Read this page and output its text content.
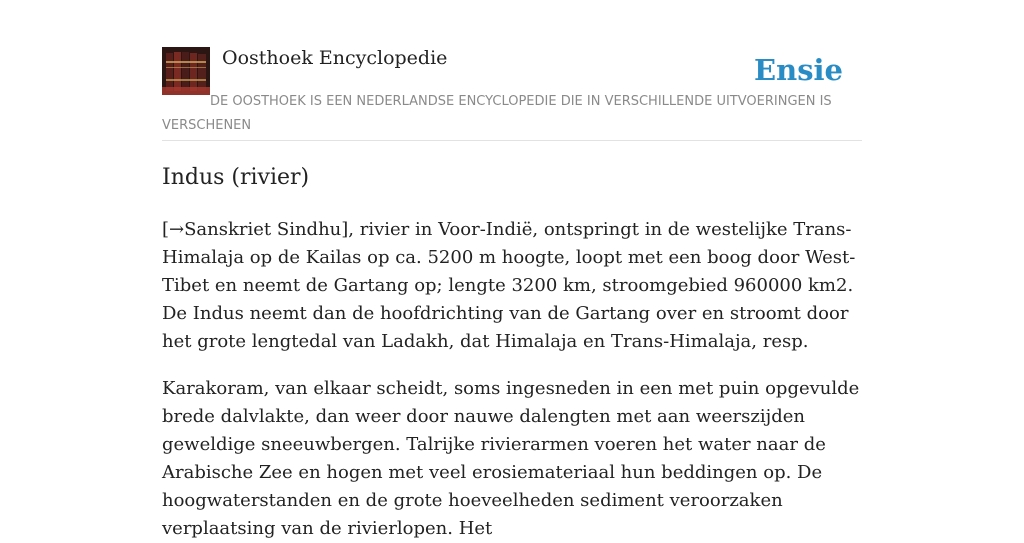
Oosthoek Encyclopedie	Ensie
DE OOSTHOEK IS EEN NEDERLANDSE ENCYCLOPEDIE DIE IN VERSCHILLENDE UITVOERINGEN IS VERSCHENEN
Indus (rivier)

[→Sanskriet Sindhu], rivier in Voor-Indië, ontspringt in de westelijke Trans-Himalaja op de Kailas op ca. 5200 m hoogte, loopt met een boog door West-Tibet en neemt de Gartang op; lengte 3200 km, stroomgebied 960000 km2. De Indus neemt dan de hoofdrichting van de Gartang over en stroomt door het grote lengtedal van Ladakh, dat Himalaja en Trans-Himalaja, resp.

Karakoram, van elkaar scheidt, soms ingesneden in een met puin opgevulde brede dalvlakte, dan weer door nauwe dalengten met aan weerszijden geweldige sneeuwbergen. Talrijke rivierarmen voeren het water naar de Arabische Zee en hogen met veel erosiemateriaal hun beddingen op. De hoogwaterstanden en de grote hoeveelheden sediment veroorzaken verplaatsing van de rivierlopen. Het
